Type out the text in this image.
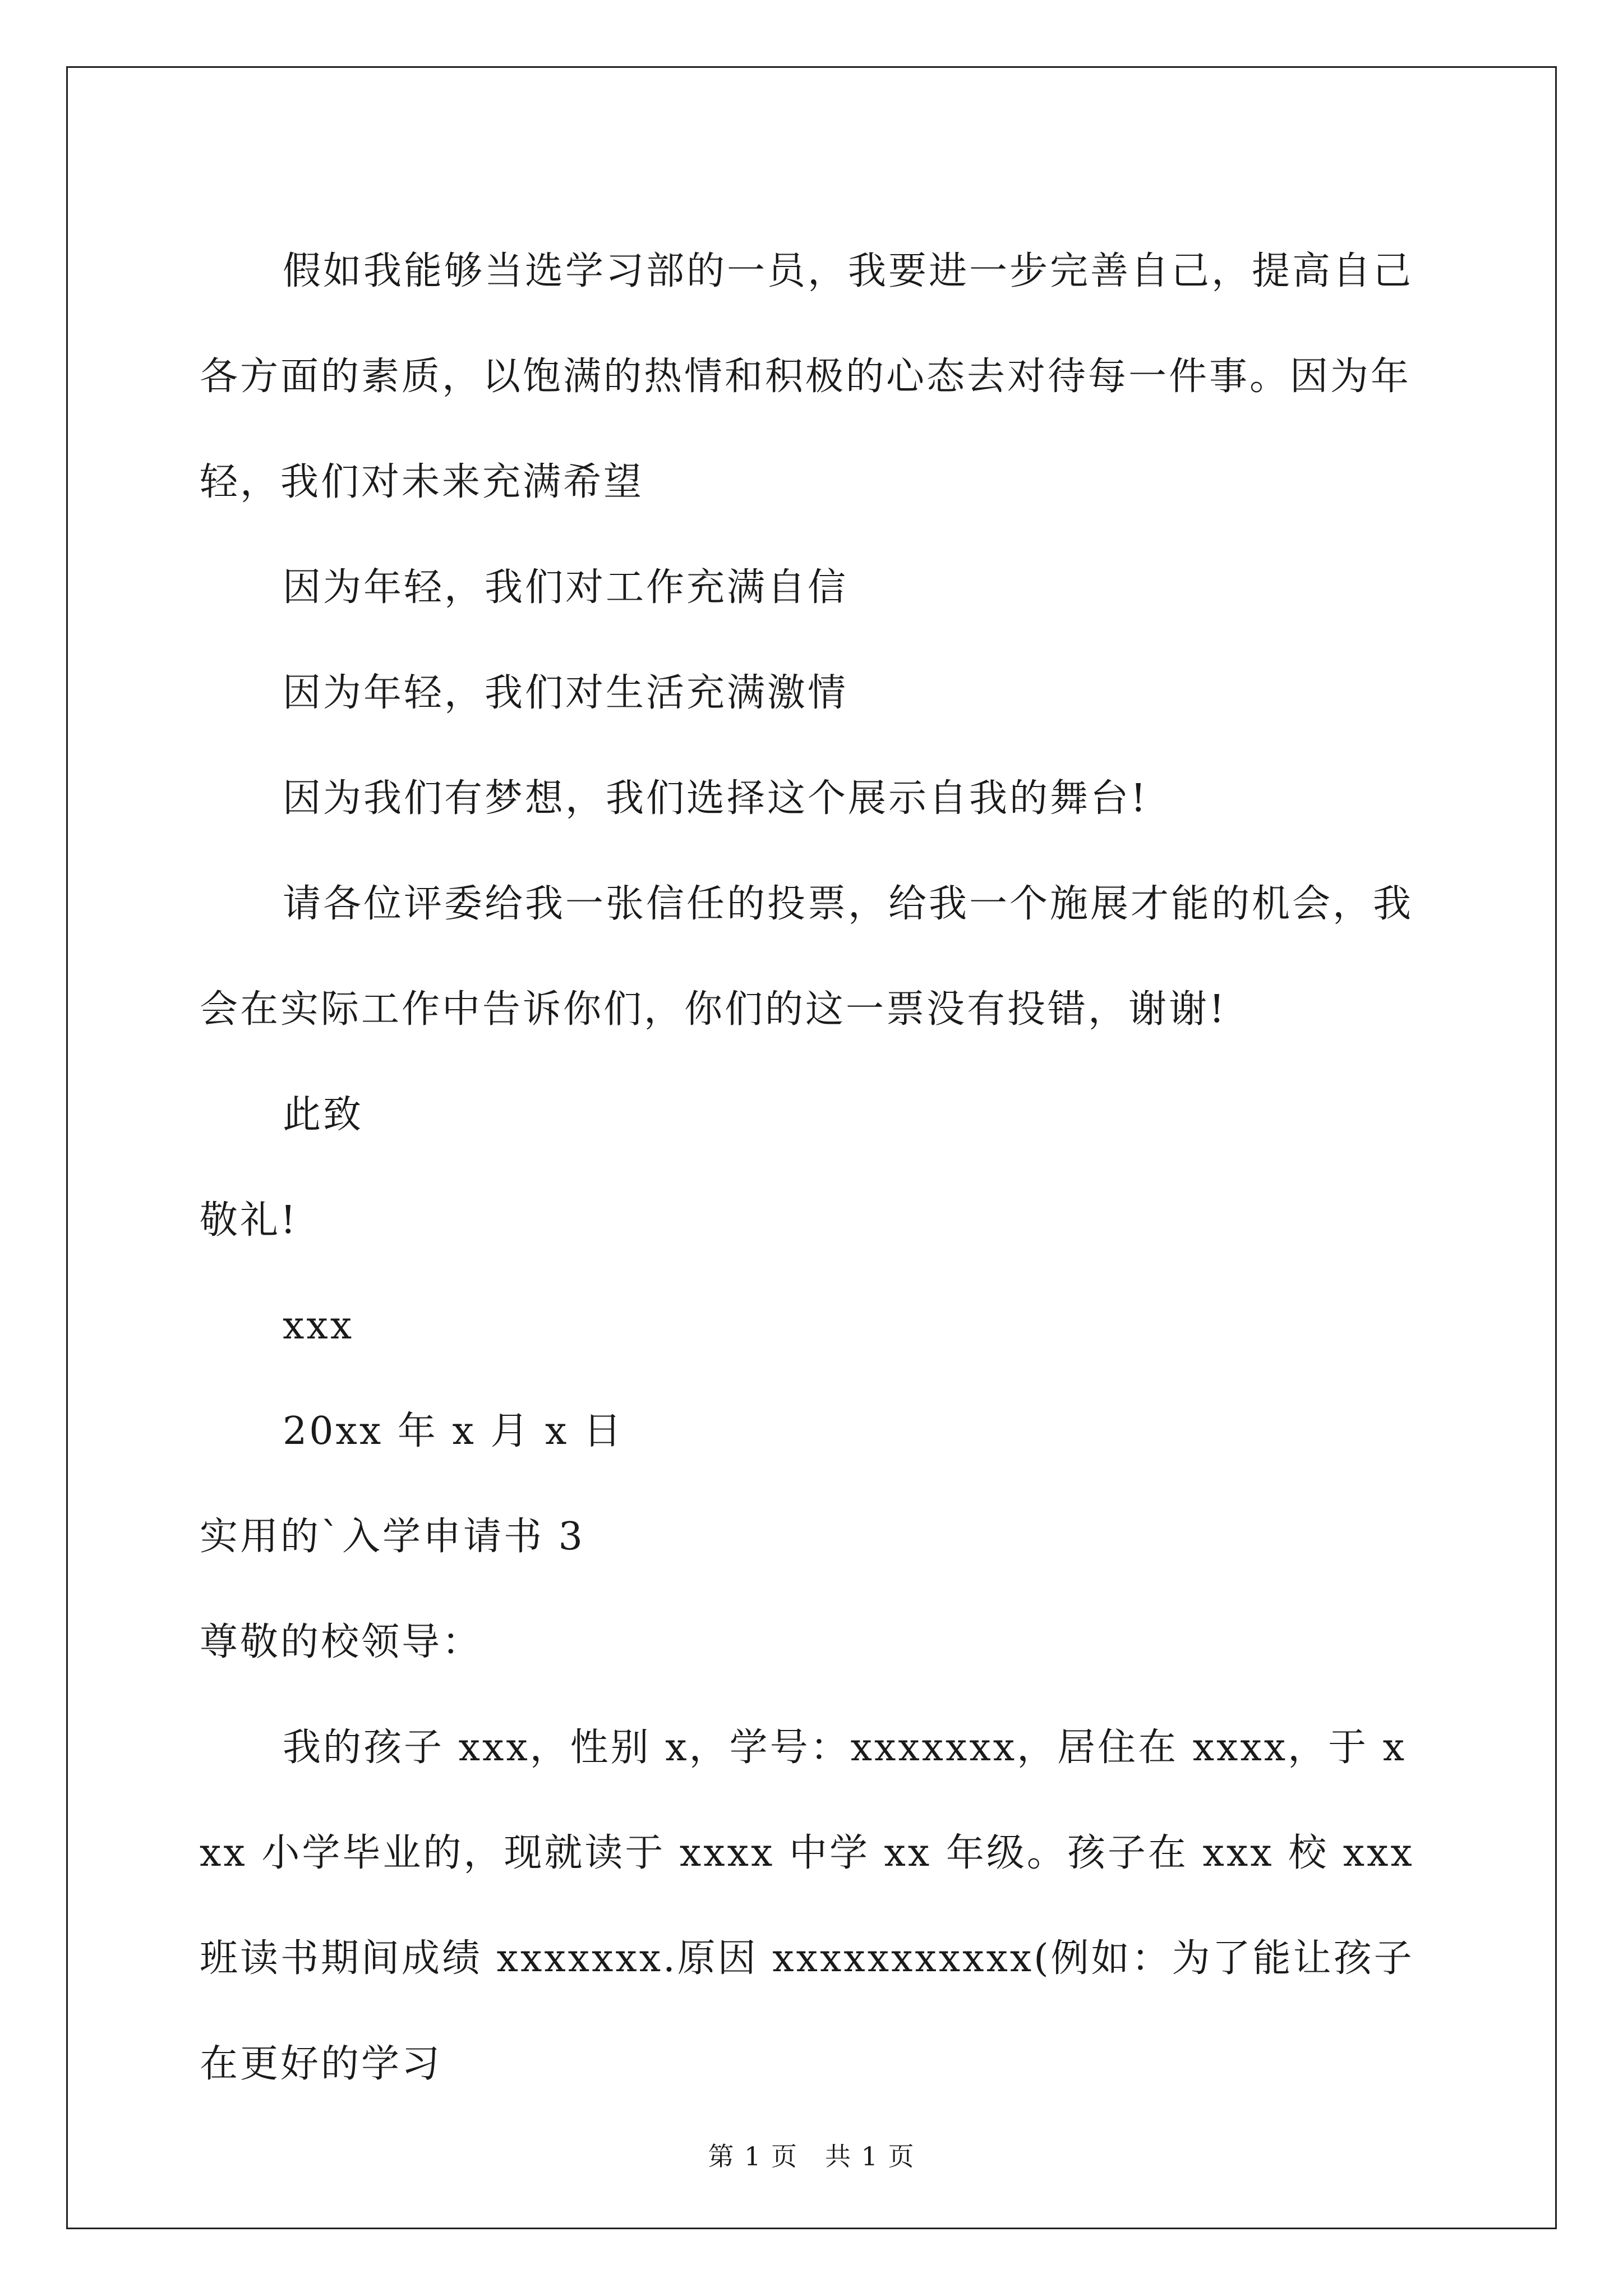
假如我能够当选学习部的一员，我要进一步完善自己，提高自己各方面的素质，以饱满的热情和积极的心态去对待每一件事。因为年轻，我们对未来充满希望

因为年轻，我们对工作充满自信

因为年轻，我们对生活充满激情

因为我们有梦想，我们选择这个展示自我的舞台!

请各位评委给我一张信任的投票，给我一个施展才能的机会，我会在实际工作中告诉你们，你们的这一票没有投错，谢谢!

此致

敬礼!

xxx

20xx 年 x 月 x 日

实用的`入学申请书 3

尊敬的校领导：

我的孩子 xxx，性别 x，学号：xxxxxxx，居住在 xxxx，于 xxx 小学毕业的，现就读于 xxxx 中学 xx 年级。孩子在 xxx 校 xxx 班读书期间成绩 xxxxxxx.原因 xxxxxxxxxxx(例如：为了能让孩子在更好的学习

第 1 页　共 1 页
